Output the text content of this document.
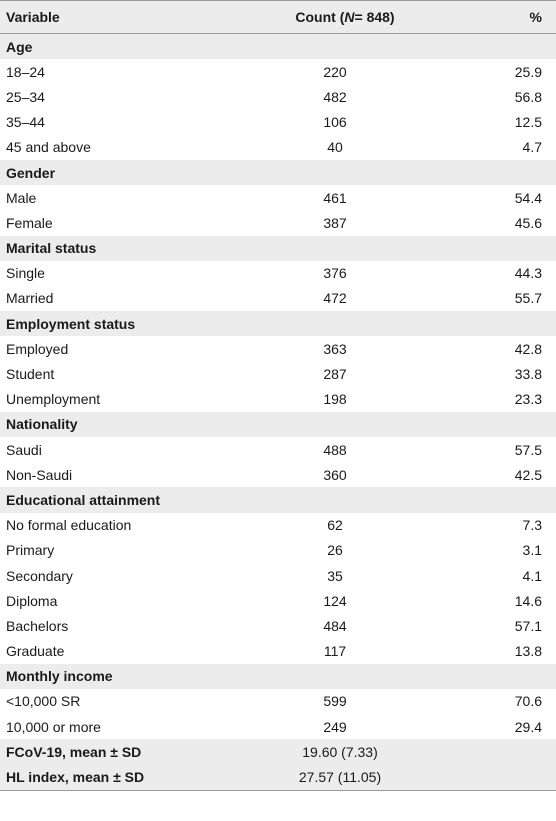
Variable	Count ( N = 848)	%
Age
18–24	220	25.9
25–34	482	56.8
35–44	106	12.5
45 and above	40	4.7
Gender
Male	461	54.4
Female	387	45.6
Marital status
Single	376	44.3
Married	472	55.7
Employment status
Employed	363	42.8
Student	287	33.8
Unemployment	198	23.3
Nationality
Saudi	488	57.5
Non-Saudi	360	42.5
Educational attainment
No formal education	62	7.3
Primary	26	3.1
Secondary	35	4.1
Diploma	124	14.6
Bachelors	484	57.1
Graduate	117	13.8
Monthly income
<10,000 SR	599	70.6
10,000 or more	249	29.4
FCoV-19, mean ± SD	19.60 (7.33)
HL index, mean ± SD	27.57 (11.05)
